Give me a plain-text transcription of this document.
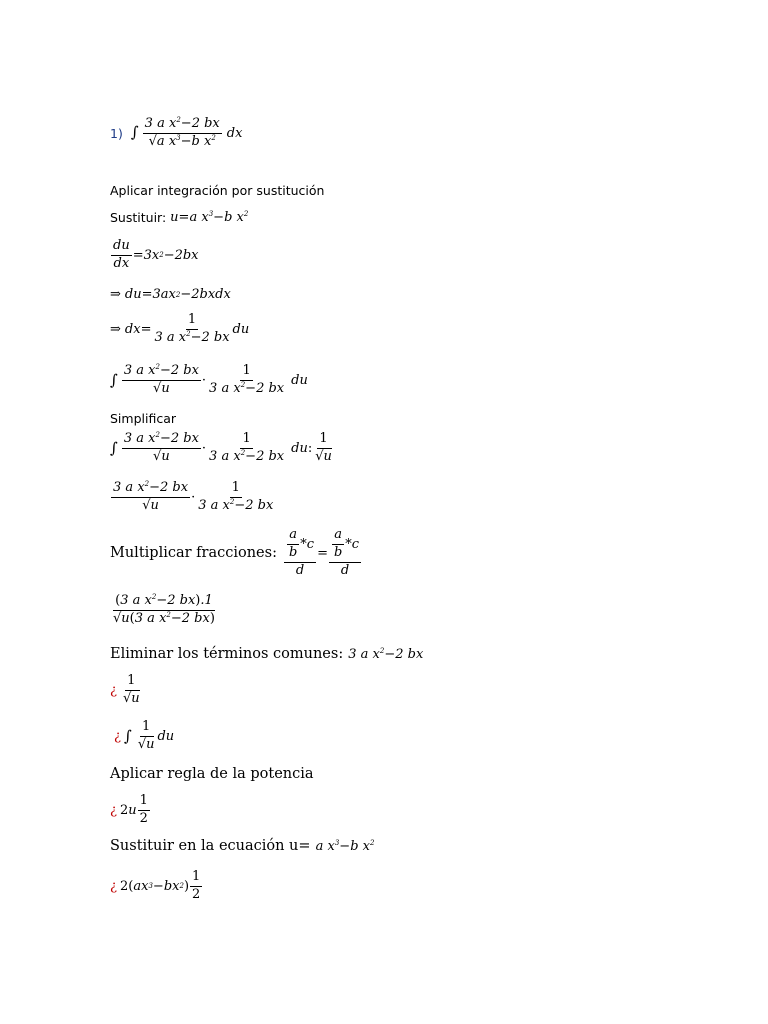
1) ∫ $\frac{3 a x^2-2 bx}{√a x^3-b x^2}$ dx
Aplicar integración por sustitución
Sustituir: u=a $x^3-b$ $x^2$
$\frac{du}{dx} =3$ x 2 −2 bx
⇒ du =3 a x 2 −2 bxdx
⇒ dx = $\frac{1}{3 a x^2-2 bx}$ du
∫ $\frac{3 a x^2-2 bx}{√u} \cdot \frac{1}{3 a x^2-2 bx}$ du
Simplificar
∫ $\frac{3 a x^2-2 bx}{√u} \cdot \frac{1}{3 a x^2-2 bx}$ du : $\frac{1}{√u}$
$\frac{3 a x^2-2 bx}{√u} \cdot \frac{1}{3 a x^2-2 bx}$
Multiplicar fracciones: $\frac{\frac{a}{b} *c}{d} = \frac{\frac{a}{b} *c}{d}$
$\frac{(3 a x^2-2 bx).1}{√u(3 a x^2-2 bx)}$
Eliminar los términos comunes: 3 a $x^2-2$ bx
¿ $\frac{1}{√u}$
¿ ∫ $\frac{1}{√u}$ du
Aplicar regla de la potencia
¿ 2 u $\frac{1}{2}$
Sustituir en la ecuación u= a $x^3-b$ $x^2$
¿ 2( a x 3 − b x 2 ) $\frac{1}{2}$
